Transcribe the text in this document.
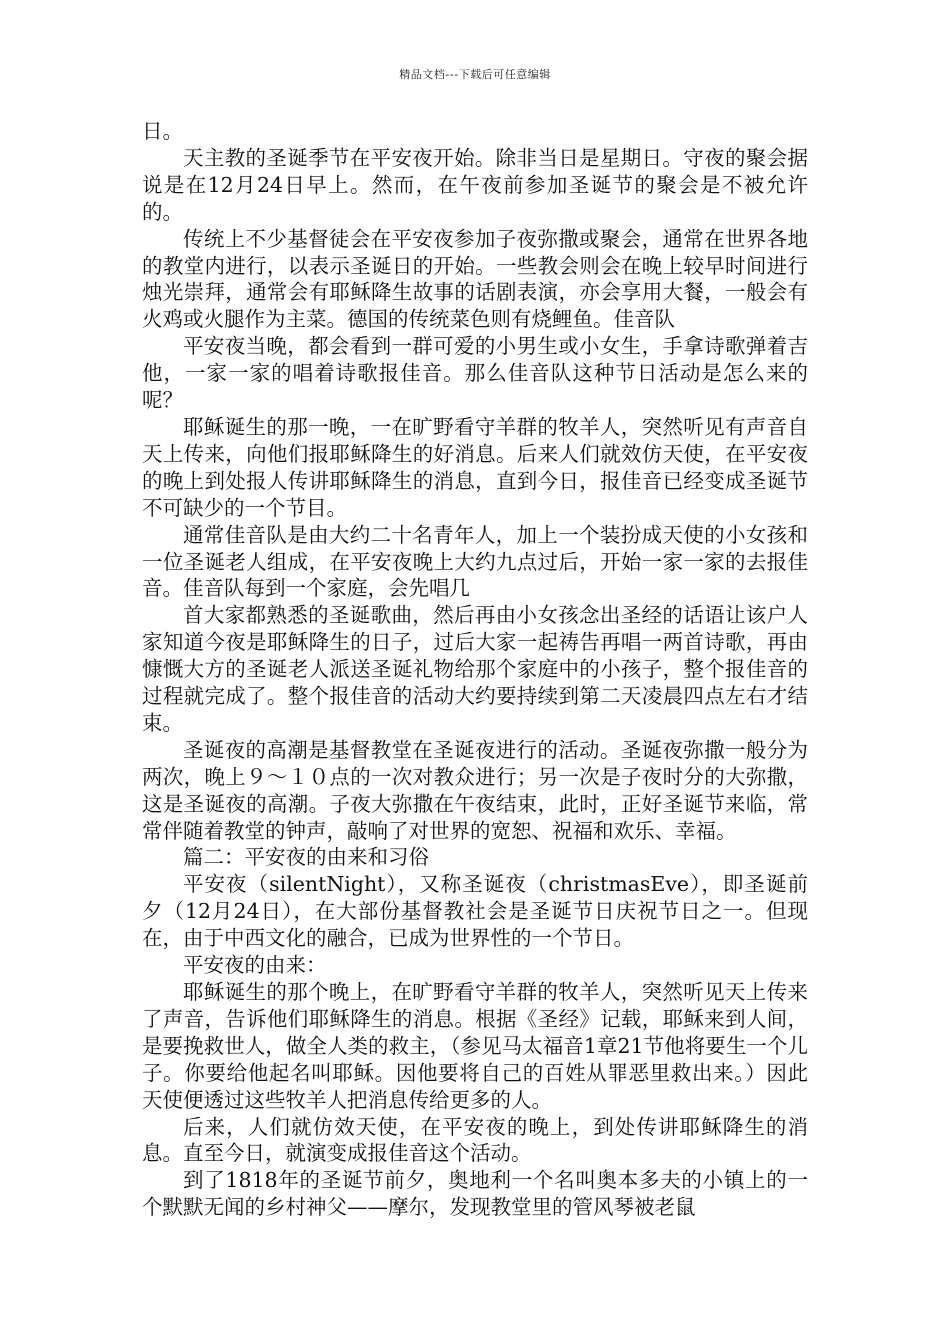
精品文档---下载后可任意编辑

日。

天主教的圣诞季节在平安夜开始。除非当日是星期日。守夜的聚会据说是在12月24日早上。然而，在午夜前参加圣诞节的聚会是不被允许的。

传统上不少基督徒会在平安夜参加子夜弥撒或聚会，通常在世界各地的教堂内进行，以表示圣诞日的开始。一些教会则会在晚上较早时间进行烛光崇拜，通常会有耶稣降生故事的话剧表演，亦会享用大餐，一般会有火鸡或火腿作为主菜。德国的传统菜色则有烧鲤鱼。佳音队

平安夜当晚，都会看到一群可爱的小男生或小女生，手拿诗歌弹着吉他，一家一家的唱着诗歌报佳音。那么佳音队这种节日活动是怎么来的呢？

耶稣诞生的那一晚，一在旷野看守羊群的牧羊人，突然听见有声音自天上传来，向他们报耶稣降生的好消息。后来人们就效仿天使，在平安夜的晚上到处报人传讲耶稣降生的消息，直到今日，报佳音已经变成圣诞节不可缺少的一个节目。

通常佳音队是由大约二十名青年人，加上一个装扮成天使的小女孩和一位圣诞老人组成，在平安夜晚上大约九点过后，开始一家一家的去报佳音。佳音队每到一个家庭，会先唱几

首大家都熟悉的圣诞歌曲，然后再由小女孩念出圣经的话语让该户人家知道今夜是耶稣降生的日子，过后大家一起祷告再唱一两首诗歌，再由慷慨大方的圣诞老人派送圣诞礼物给那个家庭中的小孩子，整个报佳音的过程就完成了。整个报佳音的活动大约要持续到第二天凌晨四点左右才结束。

圣诞夜的高潮是基督教堂在圣诞夜进行的活动。圣诞夜弥撒一般分为两次，晚上９～１０点的一次对教众进行；另一次是子夜时分的大弥撒，这是圣诞夜的高潮。子夜大弥撒在午夜结束，此时，正好圣诞节来临，常常伴随着教堂的钟声，敲响了对世界的宽恕、祝福和欢乐、幸福。

篇二：平安夜的由来和习俗

平安夜（silentNight），又称圣诞夜（christmasEve），即圣诞前夕（12月24日），在大部份基督教社会是圣诞节日庆祝节日之一。但现在，由于中西文化的融合，已成为世界性的一个节日。

平安夜的由来：

耶稣诞生的那个晚上，在旷野看守羊群的牧羊人，突然听见天上传来了声音，告诉他们耶稣降生的消息。根据《圣经》记载，耶稣来到人间，是要挽救世人，做全人类的救主，（参见马太福音1章21节他将要生一个儿子。你要给他起名叫耶稣。因他要将自己的百姓从罪恶里救出来。）因此天使便透过这些牧羊人把消息传给更多的人。

后来，人们就仿效天使，在平安夜的晚上，到处传讲耶稣降生的消息。直至今日，就演变成报佳音这个活动。

到了1818年的圣诞节前夕，奥地利一个名叫奥本多夫的小镇上的一个默默无闻的乡村神父——摩尔，发现教堂里的管风琴被老鼠
